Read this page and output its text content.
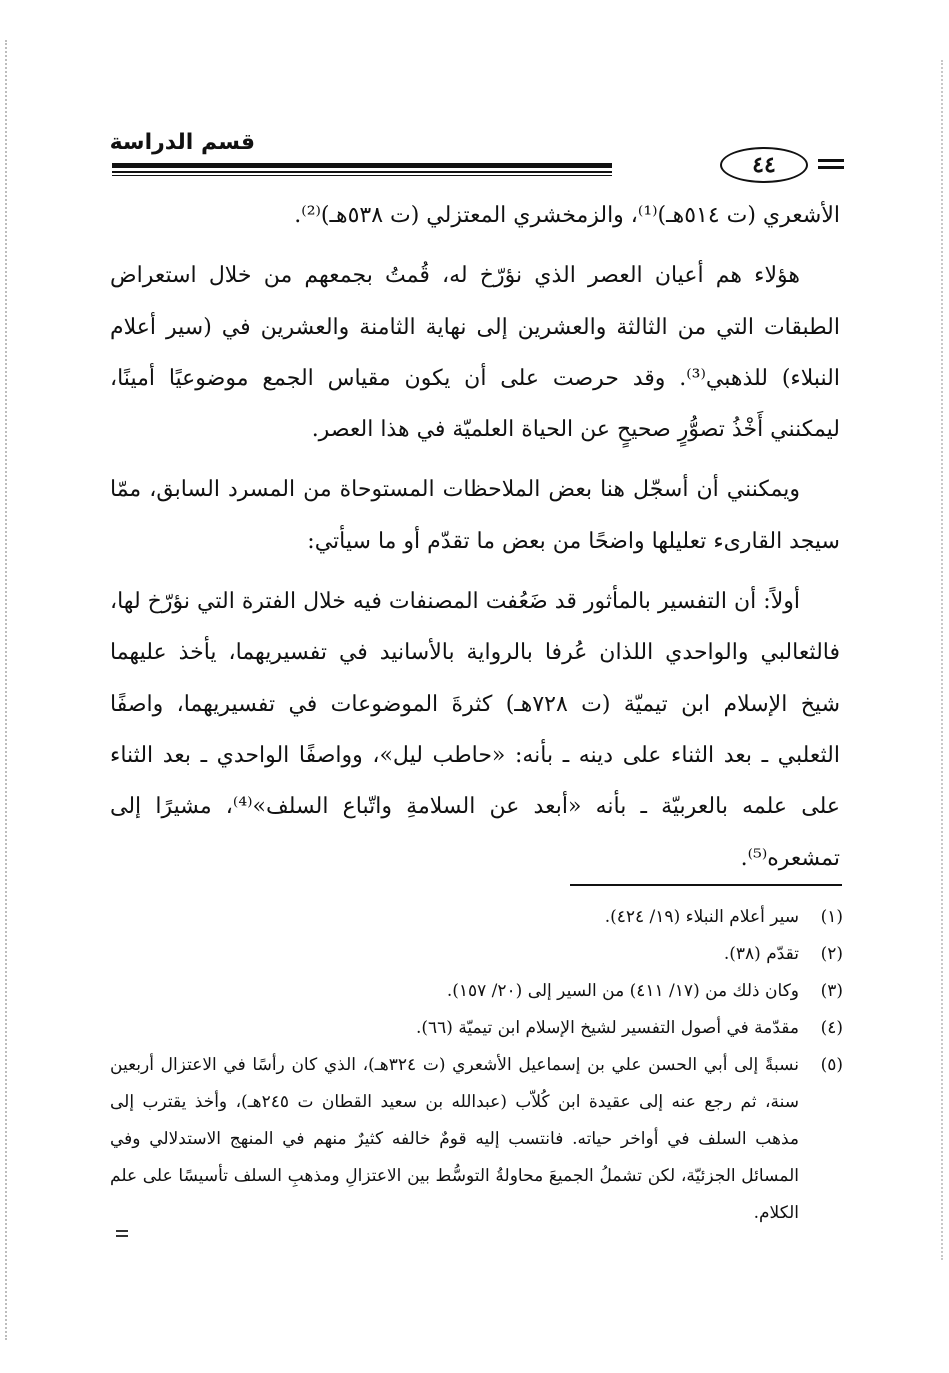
قسم الدراسة
٤٤

الأشعري (ت ٥١٤هـ)⁽¹⁾، والزمخشري المعتزلي (ت ٥٣٨هـ)⁽²⁾.

هؤلاء هم أعيان العصر الذي نؤرّخ له، قُمتُ بجمعهم من خلال استعراض الطبقات التي من الثالثة والعشرين إلى نهاية الثامنة والعشرين في (سير أعلام النبلاء) للذهبي⁽³⁾. وقد حرصت على أن يكون مقياس الجمع موضوعيًا أمينًا، ليمكنني أَخْذُ تصوُّرٍ صحيحٍ عن الحياة العلميّة في هذا العصر.

ويمكنني أن أسجّل هنا بعض الملاحظات المستوحاة من المسرد السابق، ممّا سيجد القارىء تعليلها واضحًا من بعض ما تقدّم أو ما سيأتي:

أولاً: أن التفسير بالمأثور قد ضَعُفت المصنفات فيه خلال الفترة التي نؤرّخ لها، فالثعالبي والواحدي اللذان عُرفا بالرواية بالأسانيد في تفسيريهما، يأخذ عليهما شيخ الإسلام ابن تيميّة (ت ٧٢٨هـ) كثرةَ الموضوعات في تفسيريهما، واصفًا الثعلبي ـ بعد الثناء على دينه ـ بأنه: «حاطب ليل»، وواصفًا الواحدي ـ بعد الثناء على علمه بالعربيّة ـ بأنه «أبعد عن السلامةِ واتّباع السلف»⁽⁴⁾، مشيرًا إلى تمشعره⁽⁵⁾.

(١)
سير أعلام النبلاء (١٩/ ٤٢٤).
(٢)
تقدّم (٣٨).
(٣)
وكان ذلك من (١٧/ ٤١١) من السير إلى (٢٠/ ١٥٧).
(٤)
مقدّمة في أصول التفسير لشيخ الإسلام ابن تيميّة (٦٦).
(٥)
نسبةً إلى أبي الحسن علي بن إسماعيل الأشعري (ت ٣٢٤هـ)، الذي كان رأسًا في الاعتزال أربعين سنة، ثم رجع عنه إلى عقيدة ابن كُلاّب (عبدالله بن سعيد القطان ت ٢٤٥هـ)، وأخذ يقترب إلى مذهب السلف في أواخر حياته. فانتسب إليه قومٌ خالفه كثيرٌ منهم في المنهج الاستدلالي وفي المسائل الجزئيّة، لكن تشملُ الجميعَ محاولةُ التوسُّط بين الاعتزالِ ومذهبِ السلف تأسيسًا على علم الكلام.
